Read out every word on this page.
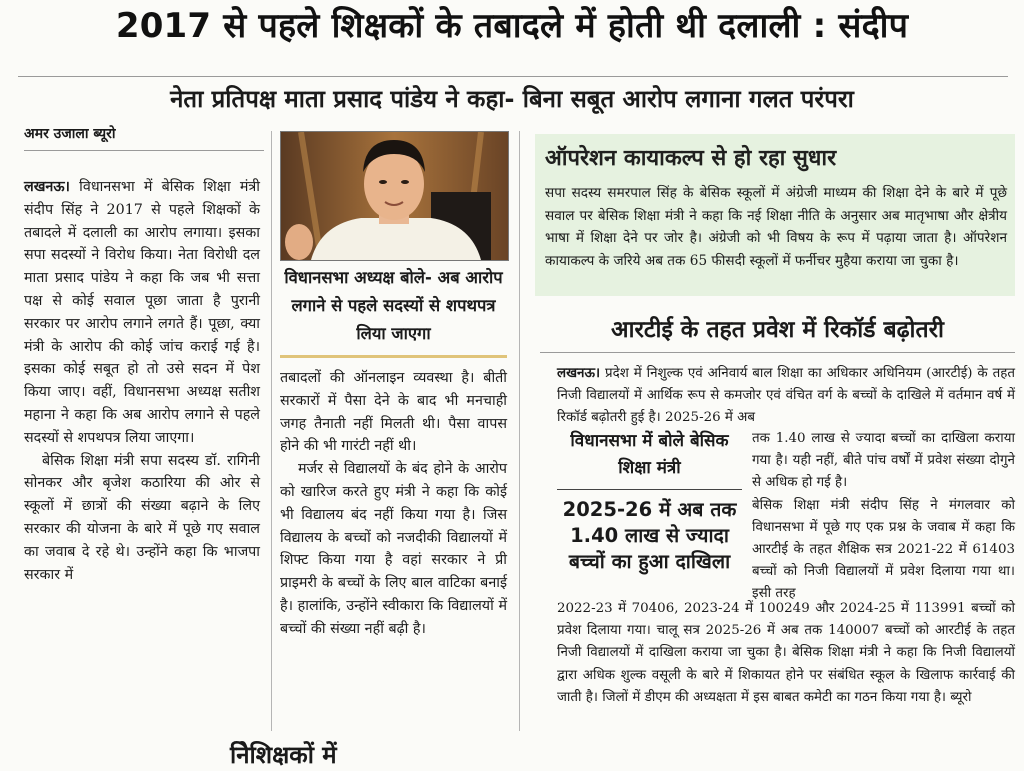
2017 से पहले शिक्षकों के तबादले में होती थी दलाली : संदीप
नेता प्रतिपक्ष माता प्रसाद पांडेय ने कहा- बिना सबूत आरोप लगाना गलत परंपरा
अमर उजाला ब्यूरो

लखनऊ। विधानसभा में बेसिक शिक्षा मंत्री संदीप सिंह ने 2017 से पहले शिक्षकों के तबादले में दलाली का आरोप लगाया। इसका सपा सदस्यों ने विरोध किया। नेता विरोधी दल माता प्रसाद पांडेय ने कहा कि जब भी सत्ता पक्ष से कोई सवाल पूछा जाता है पुरानी सरकार पर आरोप लगाने लगते हैं। पूछा, क्या मंत्री के आरोप की कोई जांच कराई गई है। इसका कोई सबूत हो तो उसे सदन में पेश किया जाए। वहीं, विधानसभा अध्यक्ष सतीश महाना ने कहा कि अब आरोप लगाने से पहले सदस्यों से शपथपत्र लिया जाएगा।

बेसिक शिक्षा मंत्री सपा सदस्य डॉ. रागिनी सोनकर और बृजेश कठारिया की ओर से स्कूलों में छात्रों की संख्या बढ़ाने के लिए सरकार की योजना के बारे में पूछे गए सवाल का जवाब दे रहे थे। उन्होंने कहा कि भाजपा सरकार में

विधानसभा अध्यक्ष बोले- अब आरोप लगाने से पहले सदस्यों से शपथपत्र लिया जाएगा

तबादलों की ऑनलाइन व्यवस्था है। बीती सरकारों में पैसा देने के बाद भी मनचाही जगह तैनाती नहीं मिलती थी। पैसा वापस होने की भी गारंटी नहीं थी।

मर्जर से विद्यालयों के बंद होने के आरोप को खारिज करते हुए मंत्री ने कहा कि कोई भी विद्यालय बंद नहीं किया गया है। जिस विद्यालय के बच्चों को नजदीकी विद्यालयों में शिफ्ट किया गया है वहां सरकार ने प्री प्राइमरी के बच्चों के लिए बाल वाटिका बनाई है। हालांकि, उन्होंने स्वीकारा कि विद्यालयों में बच्चों की संख्या नहीं बढ़ी है।

ऑपरेशन कायाकल्प से हो रहा सुधार
सपा सदस्य समरपाल सिंह के बेसिक स्कूलों में अंग्रेजी माध्यम की शिक्षा देने के बारे में पूछे सवाल पर बेसिक शिक्षा मंत्री ने कहा कि नई शिक्षा नीति के अनुसार अब मातृभाषा और क्षेत्रीय भाषा में शिक्षा देने पर जोर है। अंग्रेजी को भी विषय के रूप में पढ़ाया जाता है। ऑपरेशन कायाकल्प के जरिये अब तक 65 फीसदी स्कूलों में फर्नीचर मुहैया कराया जा चुका है।
आरटीई के तहत प्रवेश में रिकॉर्ड बढ़ोतरी

लखनऊ। प्रदेश में निशुल्क एवं अनिवार्य बाल शिक्षा का अधिकार अधिनियम (आरटीई) के तहत निजी विद्यालयों में आर्थिक रूप से कमजोर एवं वंचित वर्ग के बच्चों के दाखिले में वर्तमान वर्ष में रिकॉर्ड बढ़ोतरी हुई है। 2025-26 में अब

विधानसभा में बोले बेसिक शिक्षा मंत्री
2025-26 में अब तक 1.40 लाख से ज्यादा बच्चों का हुआ दाखिला

तक 1.40 लाख से ज्यादा बच्चों का दाखिला कराया गया है। यही नहीं, बीते पांच वर्षों में प्रवेश संख्या दोगुने से अधिक हो गई है।

बेसिक शिक्षा मंत्री संदीप सिंह ने मंगलवार को विधानसभा में पूछे गए एक प्रश्न के जवाब में कहा कि आरटीई के तहत शैक्षिक सत्र 2021-22 में 61403 बच्चों को निजी विद्यालयों में प्रवेश दिलाया गया था। इसी तरह

2022-23 में 70406, 2023-24 में 100249 और 2024-25 में 113991 बच्चों को प्रवेश दिलाया गया। चालू सत्र 2025-26 में अब तक 140007 बच्चों को आरटीई के तहत निजी विद्यालयों में दाखिला कराया जा चुका है। बेसिक शिक्षा मंत्री ने कहा कि निजी विद्यालयों द्वारा अधिक शुल्क वसूली के बारे में शिकायत होने पर संबंधित स्कूल के खिलाफ कार्रवाई की जाती है। जिलों में डीएम की अध्यक्षता में इस बाबत कमेटी का गठन किया गया है। ब्यूरो

नेिशिक्षकों में
